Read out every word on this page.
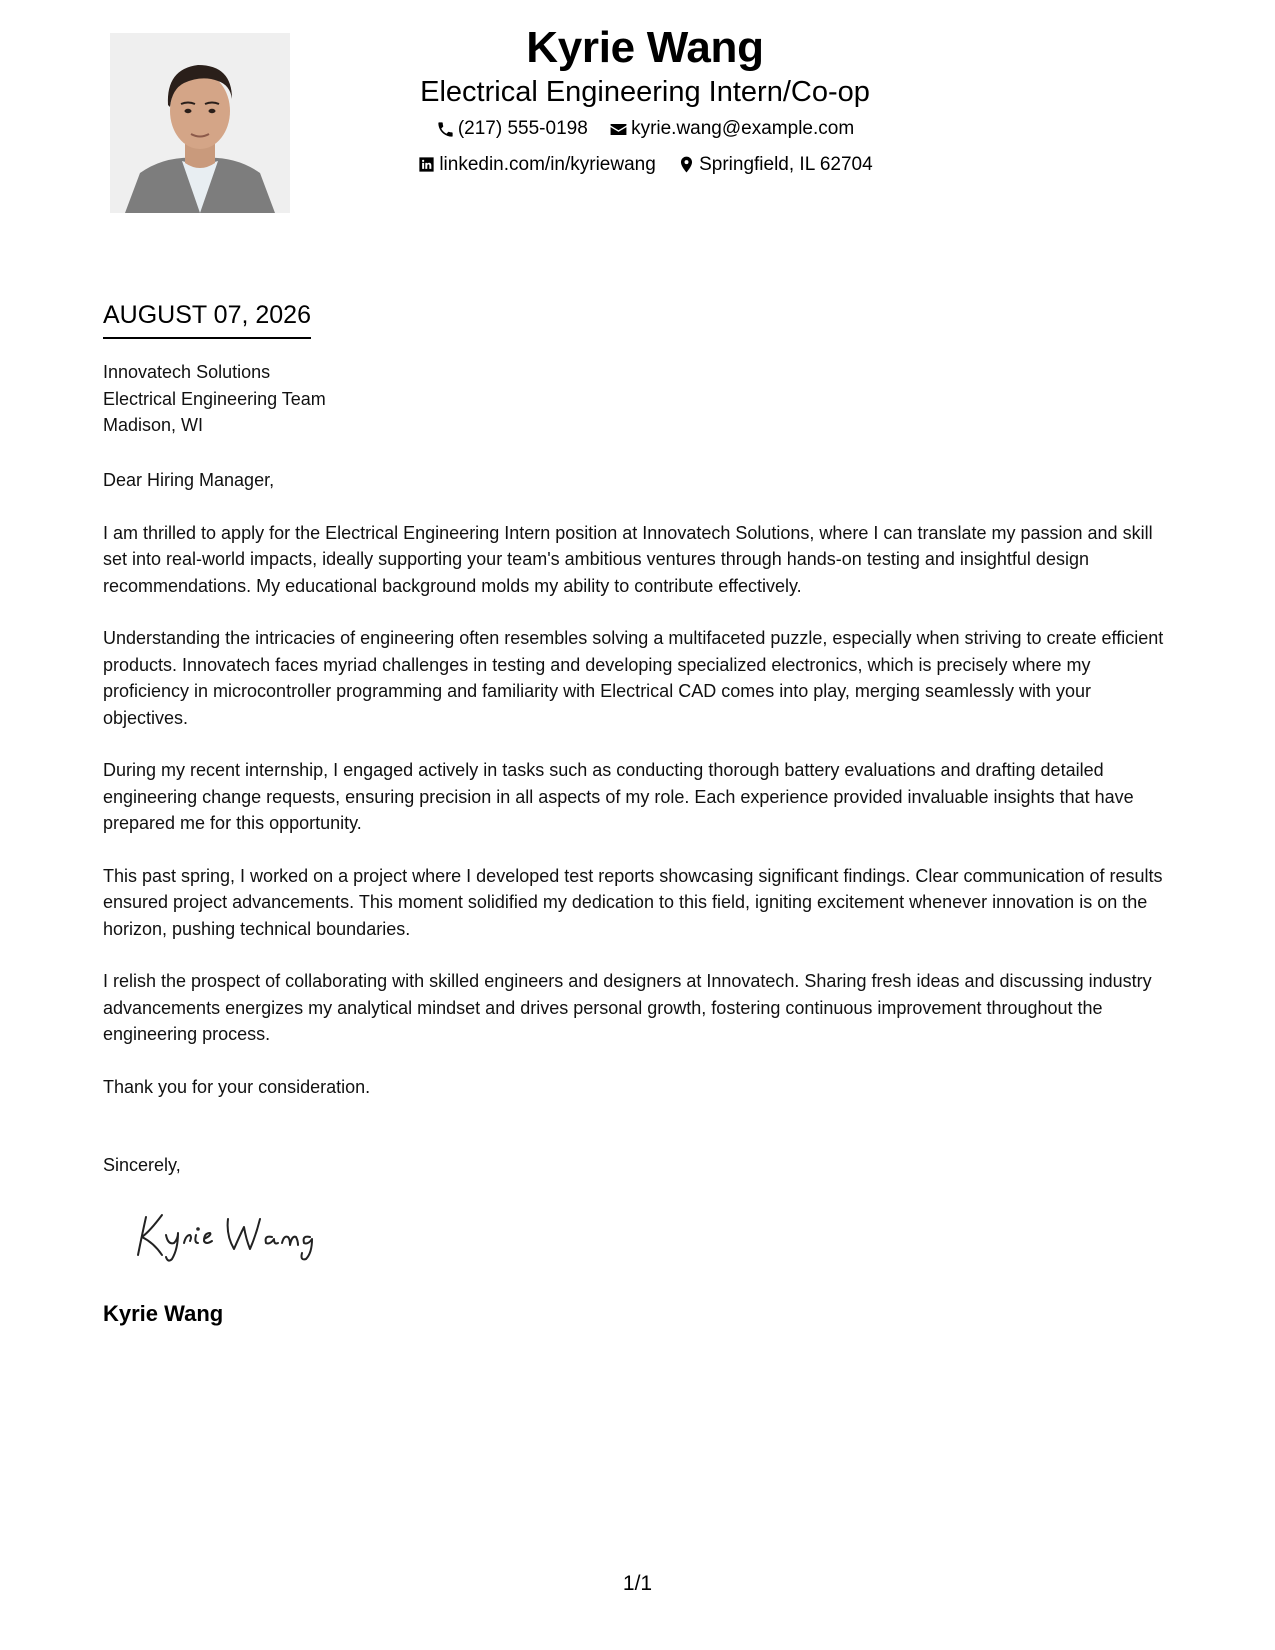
Kyrie Wang
Electrical Engineering Intern/Co-op
(217) 555-0198
kyrie.wang@example.com
linkedin.com/in/kyriewang
Springfield, IL 62704
AUGUST 07, 2026
Innovatech Solutions
Electrical Engineering Team
Madison, WI

Dear Hiring Manager,

I am thrilled to apply for the Electrical Engineering Intern position at Innovatech Solutions, where I can translate my passion and skill set into real-world impacts, ideally supporting your team's ambitious ventures through hands-on testing and insightful design recommendations. My educational background molds my ability to contribute effectively.

Understanding the intricacies of engineering often resembles solving a multifaceted puzzle, especially when striving to create efficient products. Innovatech faces myriad challenges in testing and developing specialized electronics, which is precisely where my proficiency in microcontroller programming and familiarity with Electrical CAD comes into play, merging seamlessly with your objectives.

During my recent internship, I engaged actively in tasks such as conducting thorough battery evaluations and drafting detailed engineering change requests, ensuring precision in all aspects of my role. Each experience provided invaluable insights that have prepared me for this opportunity.

This past spring, I worked on a project where I developed test reports showcasing significant findings. Clear communication of results ensured project advancements. This moment solidified my dedication to this field, igniting excitement whenever innovation is on the horizon, pushing technical boundaries.

I relish the prospect of collaborating with skilled engineers and designers at Innovatech. Sharing fresh ideas and discussing industry advancements energizes my analytical mindset and drives personal growth, fostering continuous improvement throughout the engineering process.

Thank you for your consideration.

Sincerely,
Kyrie Wang
1/1
